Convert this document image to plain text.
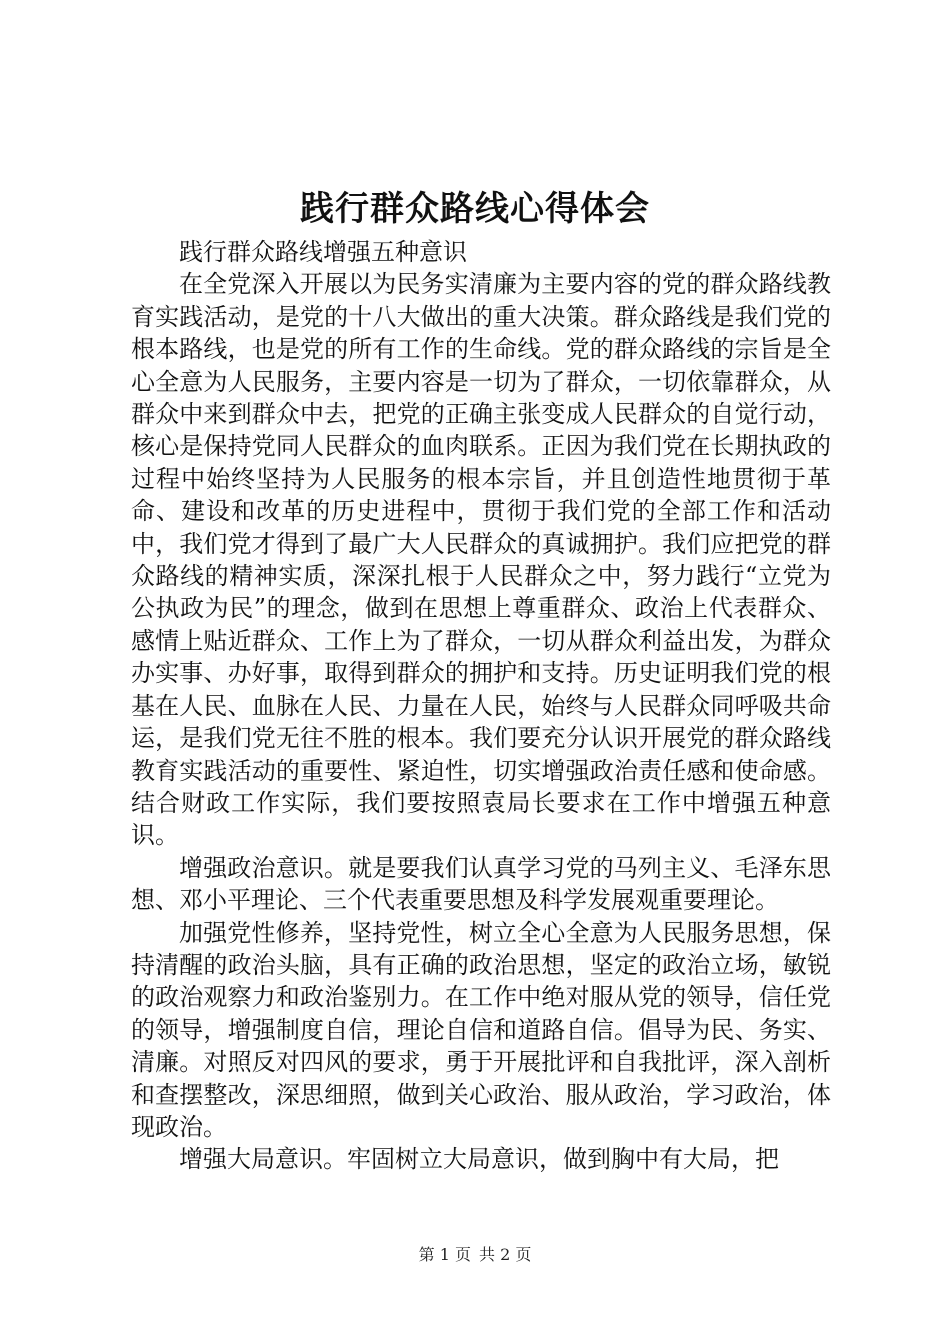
践行群众路线心得体会

践行群众路线增强五种意识

在全党深入开展以为民务实清廉为主要内容的党的群众路线教育实践活动，是党的十八大做出的重大决策。群众路线是我们党的根本路线，也是党的所有工作的生命线。党的群众路线的宗旨是全心全意为人民服务，主要内容是一切为了群众，一切依靠群众，从群众中来到群众中去，把党的正确主张变成人民群众的自觉行动，核心是保持党同人民群众的血肉联系。正因为我们党在长期执政的过程中始终坚持为人民服务的根本宗旨，并且创造性地贯彻于革命、建设和改革的历史进程中，贯彻于我们党的全部工作和活动中，我们党才得到了最广大人民群众的真诚拥护。我们应把党的群众路线的精神实质，深深扎根于人民群众之中，努力践行“立党为公执政为民”的理念，做到在思想上尊重群众、政治上代表群众、感情上贴近群众、工作上为了群众，一切从群众利益出发，为群众办实事、办好事，取得到群众的拥护和支持。历史证明我们党的根基在人民、血脉在人民、力量在人民，始终与人民群众同呼吸共命运，是我们党无往不胜的根本。我们要充分认识开展党的群众路线教育实践活动的重要性、紧迫性，切实增强政治责任感和使命感。结合财政工作实际，我们要按照袁局长要求在工作中增强五种意识。

增强政治意识。就是要我们认真学习党的马列主义、毛泽东思想、邓小平理论、三个代表重要思想及科学发展观重要理论。

加强党性修养，坚持党性，树立全心全意为人民服务思想，保持清醒的政治头脑，具有正确的政治思想，坚定的政治立场，敏锐的政治观察力和政治鉴别力。在工作中绝对服从党的领导，信任党的领导，增强制度自信，理论自信和道路自信。倡导为民、务实、清廉。对照反对四风的要求，勇于开展批评和自我批评，深入剖析和查摆整改，深思细照，做到关心政治、服从政治，学习政治，体现政治。

增强大局意识。牢固树立大局意识，做到胸中有大局，把

第 1 页 共 2 页
